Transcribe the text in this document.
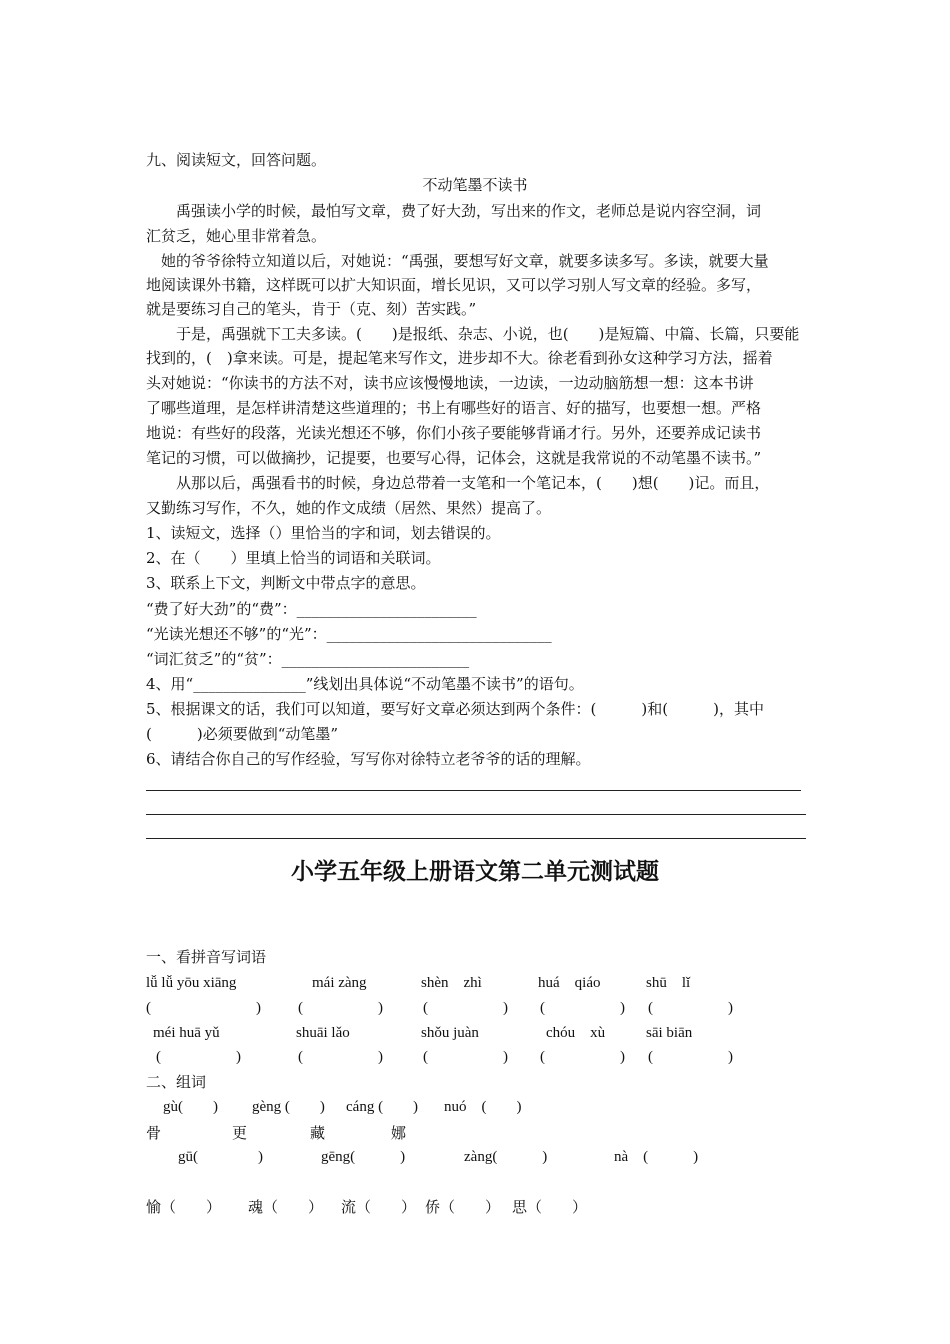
九、阅读短文，回答问题。
不动笔墨不读书
　　禹强读小学的时候，最怕写文章，费了好大劲，写出来的作文，老师总是说内容空洞，词
汇贫乏，她心里非常着急。
　她的爷爷徐特立知道以后，对她说：“禹强，要想写好文章，就要多读多写。多读，就要大量
地阅读课外书籍，这样既可以扩大知识面，增长见识，又可以学习别人写文章的经验。多写，
就是要练习自己的笔头，肯于（克、刻）苦实践。”
　　于是，禹强就下工夫多读。(　　)是报纸、杂志、小说，也(　　)是短篇、中篇、长篇，只要能
找到的，(　)拿来读。可是，提起笔来写作文，进步却不大。徐老看到孙女这种学习方法，摇着
头对她说：“你读书的方法不对，读书应该慢慢地读，一边读，一边动脑筋想一想：这本书讲
了哪些道理，是怎样讲清楚这些道理的；书上有哪些好的语言、好的描写，也要想一想。严格
地说：有些好的段落，光读光想还不够，你们小孩子要能够背诵才行。另外，还要养成记读书
笔记的习惯，可以做摘抄，记提要，也要写心得，记体会，这就是我常说的不动笔墨不读书。”
　　从那以后，禹强看书的时候，身边总带着一支笔和一个笔记本，(　　)想(　　)记。而且，
又勤练习写作，不久，她的作文成绩（居然、果然）提高了。
1、读短文，选择（）里恰当的字和词，划去错误的。
2、在（　　）里填上恰当的词语和关联词。
3、联系上下文，判断文中带点字的意思。
“费了好大劲”的“费”：________________________
“光读光想还不够”的“光”：______________________________
“词汇贫乏”的“贫”：_________________________
4、用“_______________”线划出具体说“不动笔墨不读书”的语句。
5、根据课文的话，我们可以知道，要写好文章必须达到两个条件：(　　　)和(　　　)，其中
(　　　)必须要做到“动笔墨”
6、请结合你自己的写作经验，写写你对徐特立老爷爷的话的理解。
小学五年级上册语文第二单元测试题
一、看拼音写词语
lǚ lǚ yōu xiāng	mái zàng	shèn　zhì	huá　qiáo	shū　lǐ
(　　　　　　　) (　　　　　)	(　　　　　) (　　　　　) (　　　　　)
méi huā yǔ	shuāi lǎo	shǒu juàn	chóu　xù	sāi biān
(　　　　　)	(　　　　　)	(　　　　　) (　　　　　) (　　　　　)
二、组词
gù(　　) gèng (　　) cáng (　　) nuó　(　　)
骨	更	藏	娜
gū(　　　　)	gēng(　　　)	zàng(　　　)	nà　(　　　)
愉（　　） 魂（　　） 流（　　） 侨（　　） 思（　　）
